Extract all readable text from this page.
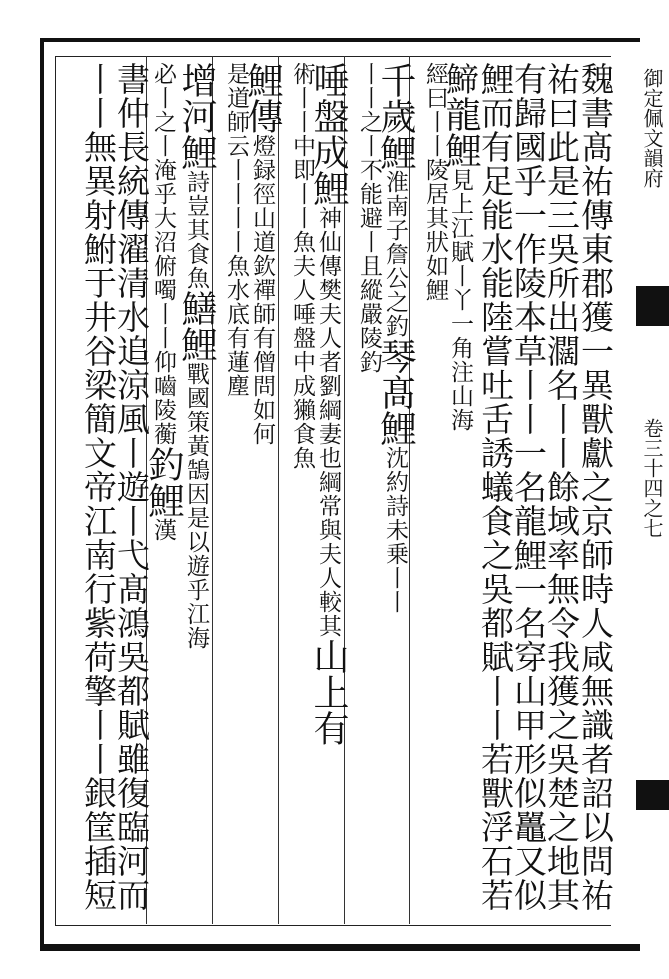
御定佩文韻府
卷三十四之七
魏書髙祐傳東郡獲一異獸獻之京師時人咸無識者詔以問祐
祐曰此是三吳所出𤄃名丨丨餘域率無令我獲之吳楚之地其
有歸國乎一作陵本草丨丨一名龍鯉一名穿山甲形似鼉又似
鯉而有足能水能陸嘗吐舌誘蟻食之吳都賦丨丨若獸浮石若
䱱龍鯉見上江賦丨丫一角注山海
經曰丨丨陵居其狀如鯉
千歲鯉淮南子詹公之釣琴髙鯉沈約詩未乗丨丨
丨丨之丨不能避丨且縱嚴陵釣
唾盤成鯉神仙傳樊夫人者劉綱妻也綱常與夫人較其山上有
術丨丨中即丨丨魚夫人唾盤中成獺食魚
鯉傳燈録徑山道欽禪師有僧問如何
是道師云丨丨丨丨魚水底有蓮塵
增河鯉詩豈其食魚鱔鯉戰國策黃鵠因是以遊乎江海
必丨之丨淹乎大沼俯噣丨丨仰嚙陵蘅釣鯉漢
書仲長統傳濯清水追涼風丨遊丨弋髙鴻吳都賦雖復臨河而
丨丨無異射鮒于井谷梁簡文帝江南行紫荷擎丨丨銀筐插短
